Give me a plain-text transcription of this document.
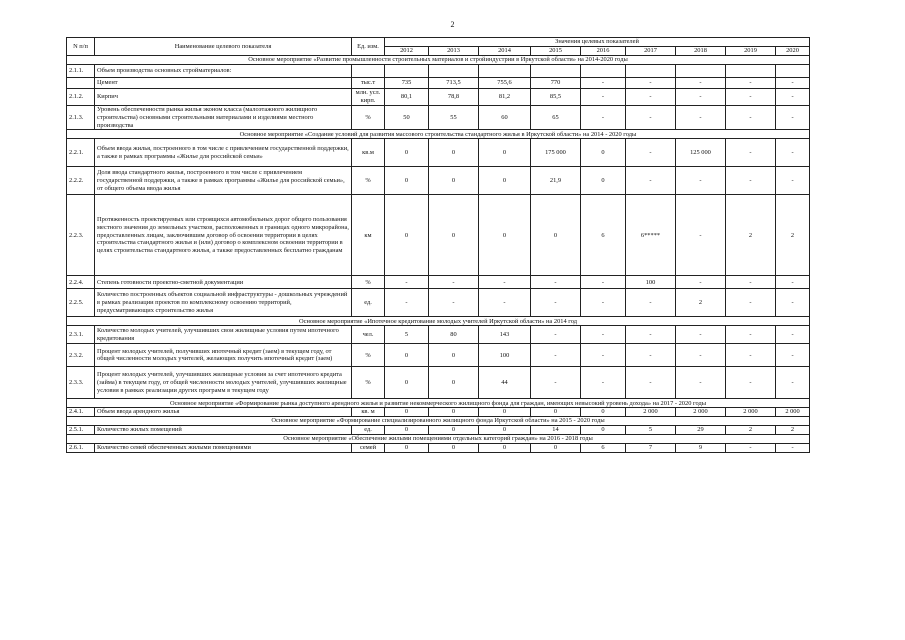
2
N п/п	Наименование целевого показателя	Ед. изм.	Значения целевых показателей								
			2012	2013	2014	2015	2016	2017	2018	2019	2020
Основное мероприятие «Развитие промышленности строительных материалов и стройиндустрии в Иркутской области» на 2014-2020 годы											
2.1.1.	Объем производства основных стройматериалов:										
	Цемент	тыс.т	735	713,5	755,6	770	-	-	-	-	-
2.1.2.	Кирпич	млн. усл. кирп.	80,1	78,8	81,2	85,5	-	-	-	-	-
2.1.3.	Уровень обеспеченности рынка жилья эконом класса (малоэтажного жилищного строительства) основными строительными материалами и изделиями местного производства	%	50	55	60	65	-	-	-	-	-
Основное мероприятие «Создание условий для развития массового строительства стандартного жилья в Иркутской области» на 2014 - 2020 годы											
2.2.1.	Объем ввода жилья, построенного в том числе с привлечением государственной поддержки, а также в рамках программы «Жилье для российской семьи»	кв.м	0	0	0	175 000	0	-	125 000	-	-
2.2.2.	Доля ввода стандартного жилья, построенного в том числе с привлечением государственной поддержки, а также в рамках программы «Жилье для российской семьи», от общего объема ввода жилья	%	0	0	0	21,9	0	-	-	-	-
2.2.3.	Протяженность проектируемых или строящихся автомобильных дорог общего пользования местного значения до земельных участков, расположенных в границах одного микрорайона, предоставленных лицам, заключившим договор об освоении территории в целях строительства стандартного жилья и (или) договор о комплексном освоении территории в целях строительства стандартного жилья, а также предоставленных бесплатно гражданам	км	0	0	0	0	6	6*****	-	2	2
2.2.4.	Степень готовности проектно-сметной документации	%	-	-	-	-	-	100	-	-	-
2.2.5.	Количество построенных объектов социальной инфраструктуры - дошкольных учреждений в рамках реализации проектов по комплексному освоению территорий, предусматривающих строительство жилья	ед.	-	-	-	-	-	-	2	-	-
Основное мероприятие «Ипотечное кредитование молодых учителей Иркутской области» на 2014 год											
2.3.1.	Количество молодых учителей, улучшивших свои жилищные условия путем ипотечного кредитования	чел.	5	80	143	-	-	-	-	-	-
2.3.2.	Процент молодых учителей, получивших ипотечный кредит (заем) в текущем году, от общей численности молодых учителей, желающих получить ипотечный кредит (заем)	%	0	0	100	-	-	-	-	-	-
2.3.3.	Процент молодых учителей, улучшивших жилищные условия за счет ипотечного кредита (займа) в текущем году, от общей численности молодых учителей, улучшивших жилищные условия в рамках реализации других программ в текущем году	%	0	0	44	-	-	-	-	-	-
Основное мероприятие «Формирование рынка доступного арендного жилья и развитие некоммерческого жилищного фонда для граждан, имеющих невысокий уровень дохода» на 2017 - 2020 годы											
2.4.1.	Объем ввода арендного жилья	кв. м	0	0	0	0	0	2 000	2 000	2 000	2 000
Основное мероприятие «Формирование специализированного жилищного фонда Иркутской области» на 2015 - 2020 годы											
2.5.1.	Количество жилых помещений	ед.	0	0	0	14	0	5	29	2	2
Основное мероприятие «Обеспечение жилыми помещениями отдельных категорий граждан» на 2016 - 2018 годы											
2.6.1.	Количество семей обеспеченных жилыми помещениями	семей	0	0	0	0	6	7	9	-	-
